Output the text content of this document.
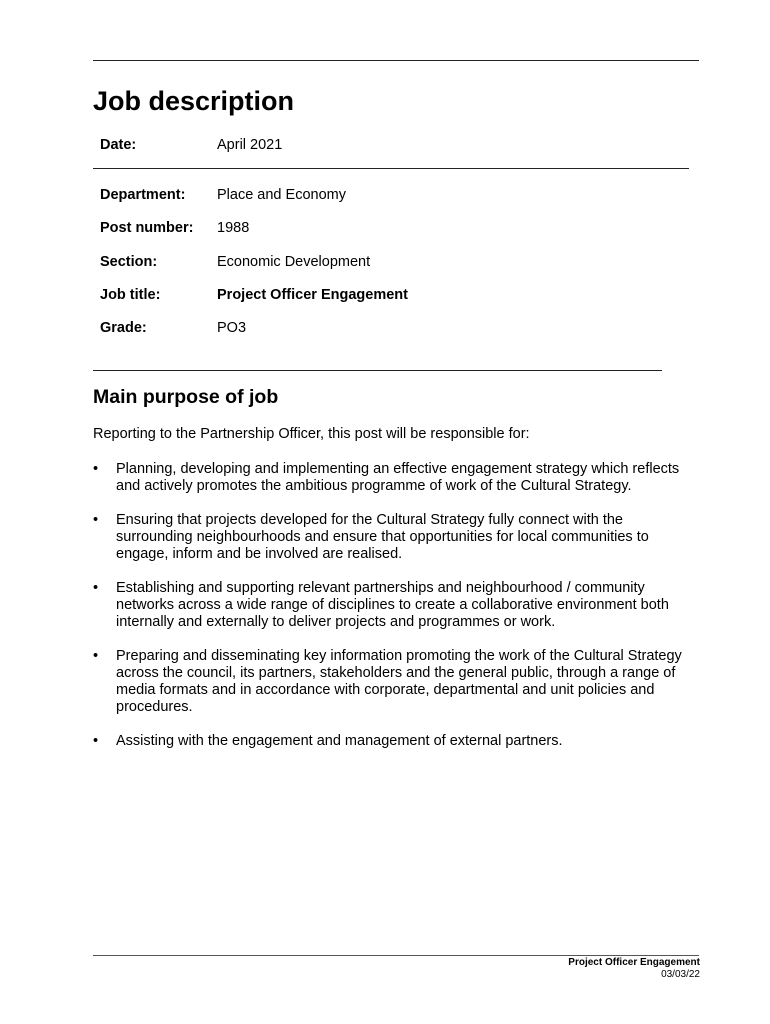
Job description
Date:	April 2021
Department: Place and Economy
Post number: 1988
Section:	Economic Development
Job title:	Project Officer Engagement
Grade:	PO3
Main purpose of job
Reporting to the Partnership Officer, this post will be responsible for:
• Planning, developing and implementing an effective engagement strategy which reflects and actively promotes the ambitious programme of work of the Cultural Strategy.
• Ensuring that projects developed for the Cultural Strategy fully connect with the surrounding neighbourhoods and ensure that opportunities for local communities to engage, inform and be involved are realised.
• Establishing and supporting relevant partnerships and neighbourhood / community networks across a wide range of disciplines to create a collaborative environment both internally and externally to deliver projects and programmes or work.
• Preparing and disseminating key information promoting the work of the Cultural Strategy across the council, its partners, stakeholders and the general public, through a range of media formats and in accordance with corporate, departmental and unit policies and procedures.
• Assisting with the engagement and management of external partners.
Project Officer Engagement
03/03/22
